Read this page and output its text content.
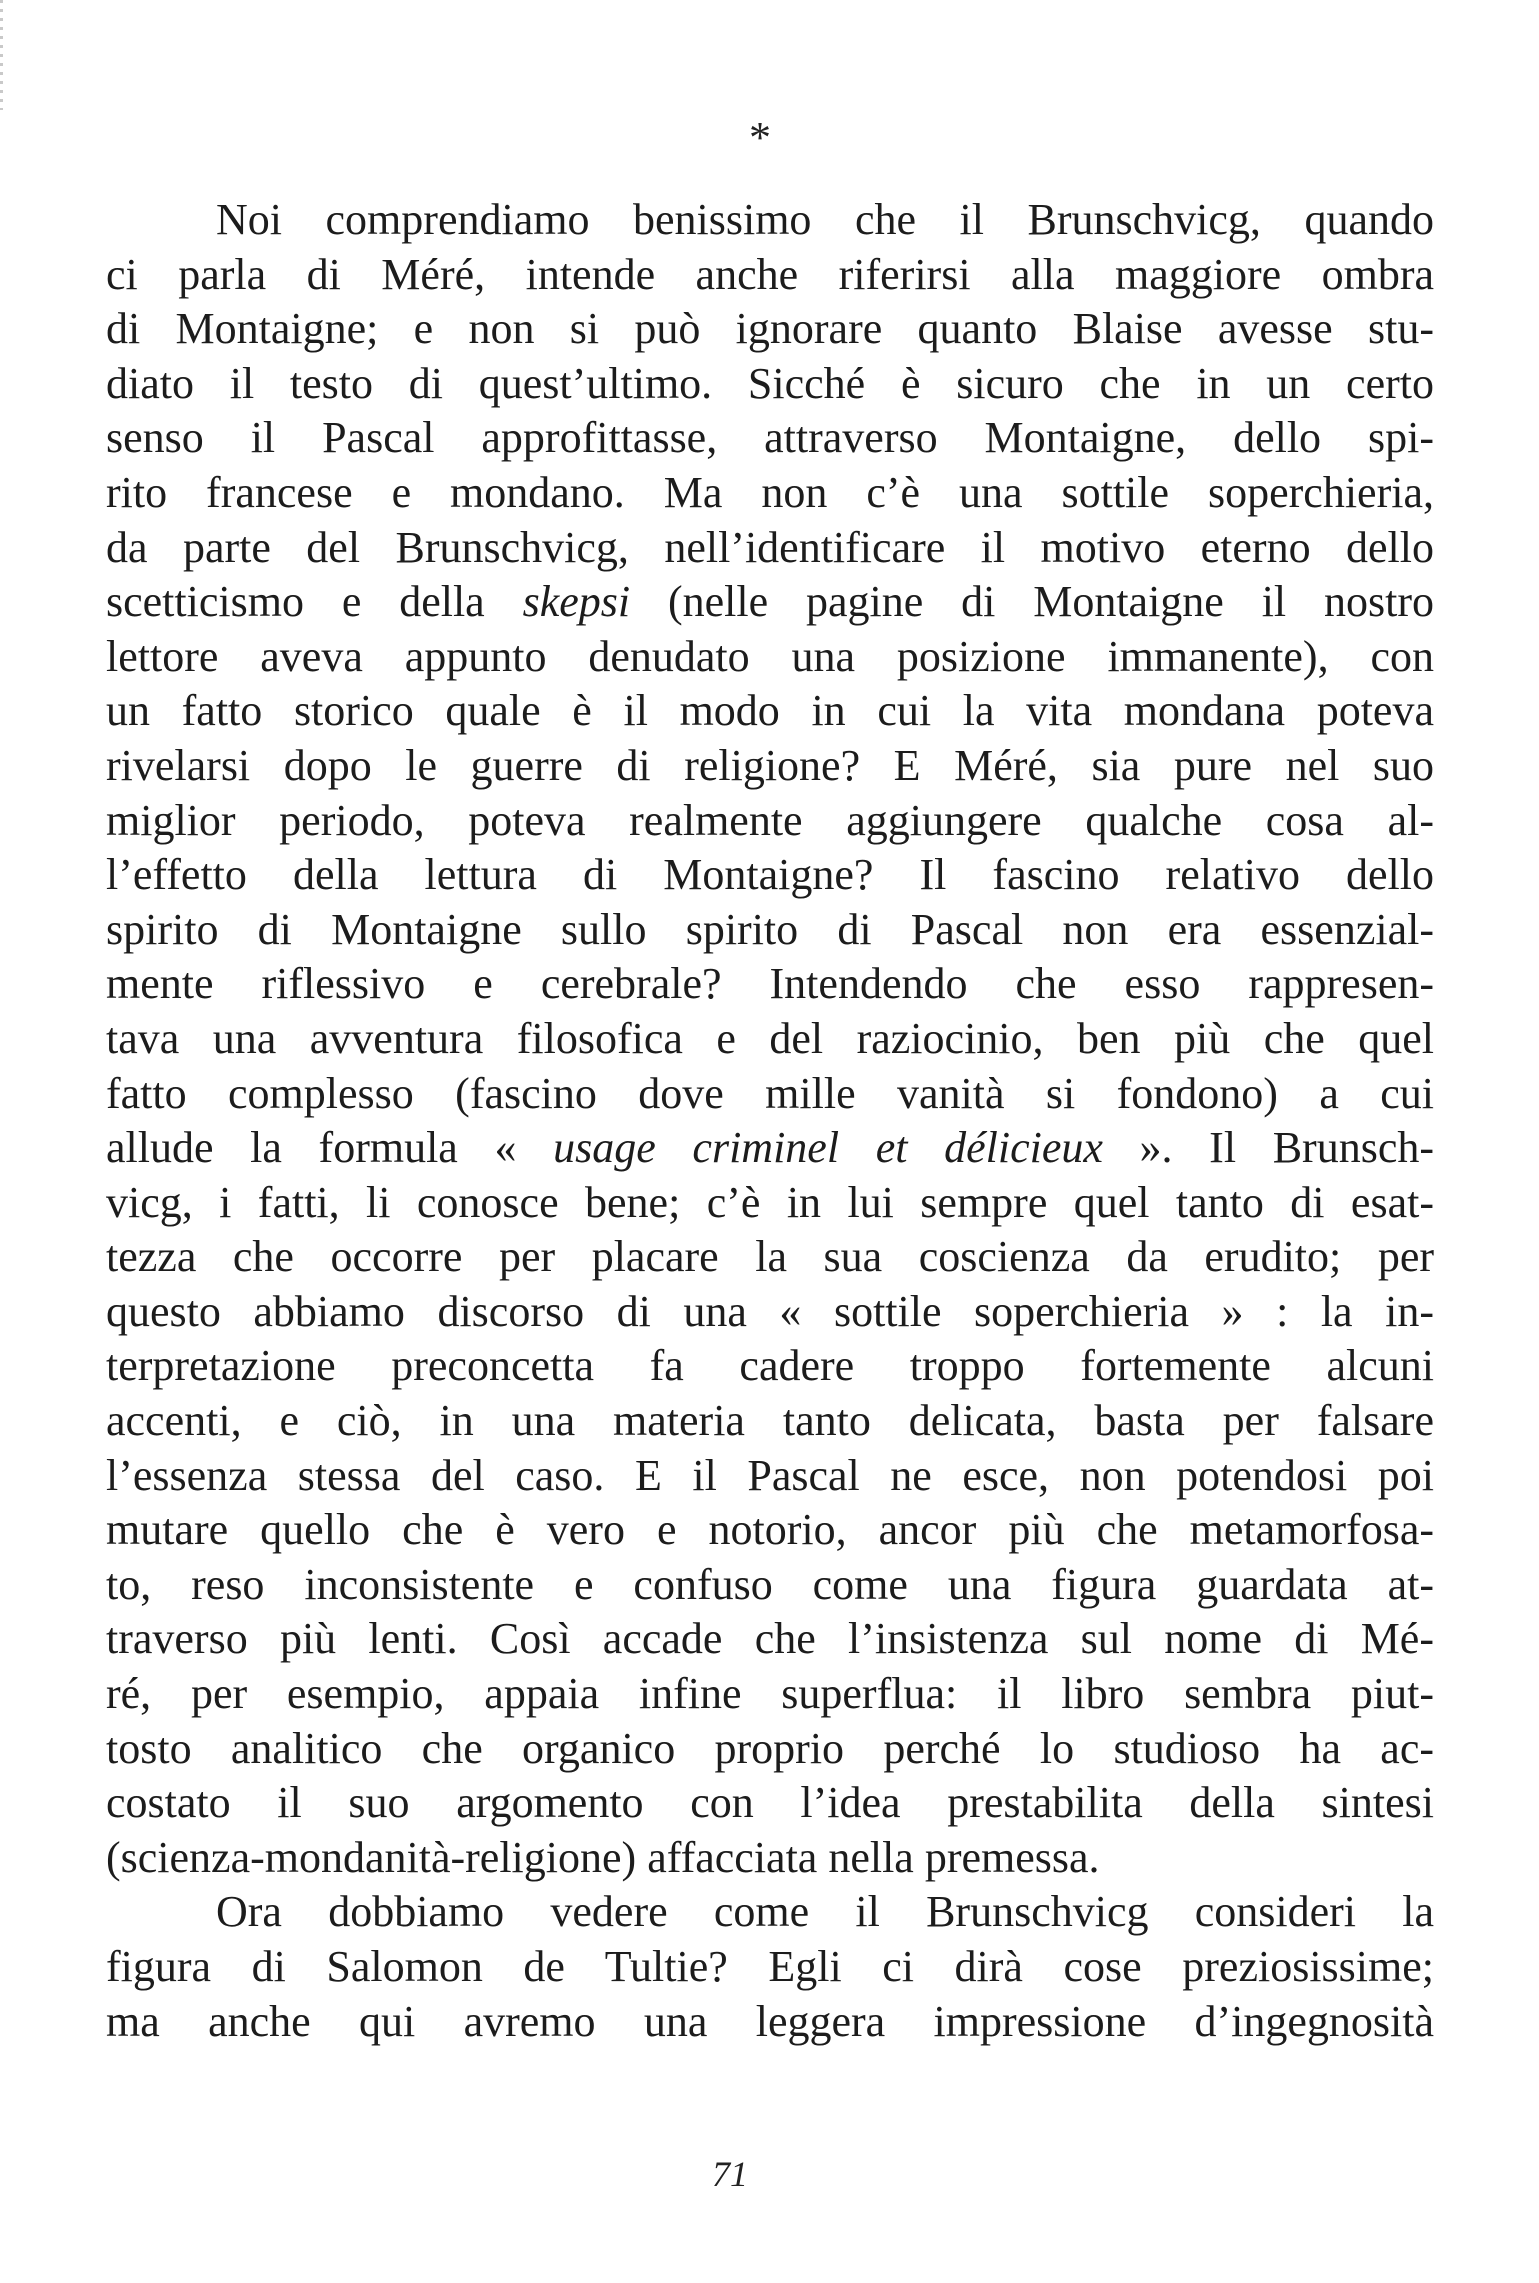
*
Noi comprendiamo benissimo che il Brunschvicg, quando
ci parla di Méré, intende anche riferirsi alla maggiore ombra
di Montaigne; e non si può ignorare quanto Blaise avesse stu-
diato il testo di quest’ultimo. Sicché è sicuro che in un certo
senso il Pascal approfittasse, attraverso Montaigne, dello spi-
rito francese e mondano. Ma non c’è una sottile soperchieria,
da parte del Brunschvicg, nell’identificare il motivo eterno dello
scetticismo e della skepsi (nelle pagine di Montaigne il nostro
lettore aveva appunto denudato una posizione immanente), con
un fatto storico quale è il modo in cui la vita mondana poteva
rivelarsi dopo le guerre di religione? E Méré, sia pure nel suo
miglior periodo, poteva realmente aggiungere qualche cosa al-
l’effetto della lettura di Montaigne? Il fascino relativo dello
spirito di Montaigne sullo spirito di Pascal non era essenzial-
mente riflessivo e cerebrale? Intendendo che esso rappresen-
tava una avventura filosofica e del raziocinio, ben più che quel
fatto complesso (fascino dove mille vanità si fondono) a cui
allude la formula « usage criminel et délicieux ». Il Brunsch-
vicg, i fatti, li conosce bene; c’è in lui sempre quel tanto di esat-
tezza che occorre per placare la sua coscienza da erudito; per
questo abbiamo discorso di una « sottile soperchieria » : la in-
terpretazione preconcetta fa cadere troppo fortemente alcuni
accenti, e ciò, in una materia tanto delicata, basta per falsare
l’essenza stessa del caso. E il Pascal ne esce, non potendosi poi
mutare quello che è vero e notorio, ancor più che metamorfosa-
to, reso inconsistente e confuso come una figura guardata at-
traverso più lenti. Così accade che l’insistenza sul nome di Mé-
ré, per esempio, appaia infine superflua: il libro sembra piut-
tosto analitico che organico proprio perché lo studioso ha ac-
costato il suo argomento con l’idea prestabilita della sintesi
(scienza-mondanità-religione) affacciata nella premessa.
Ora dobbiamo vedere come il Brunschvicg consideri la
figura di Salomon de Tultie? Egli ci dirà cose preziosissime;
ma anche qui avremo una leggera impressione d’ingegnosità
71
